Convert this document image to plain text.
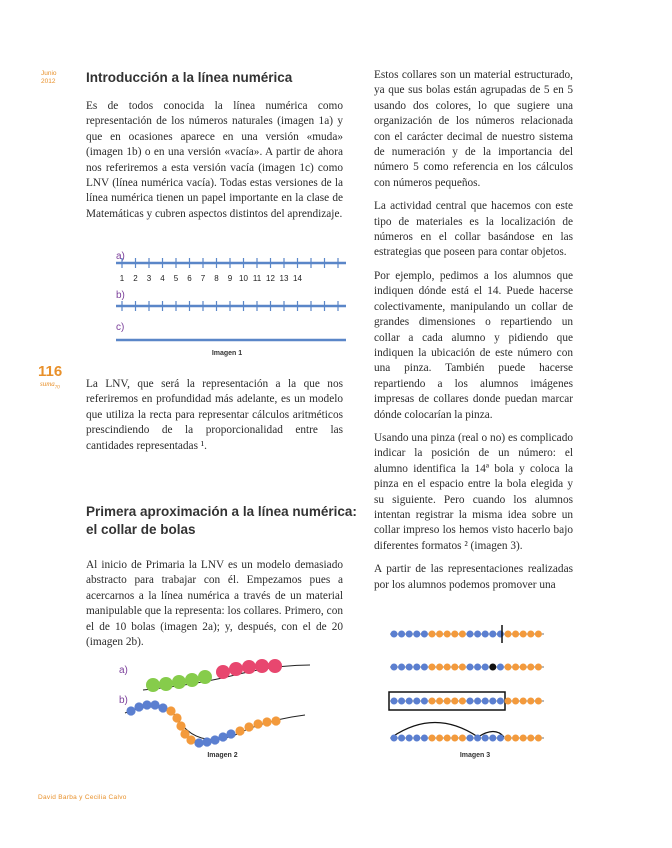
Junio
2012 Introducción a la línea numérica

Es de todos conocida la línea numérica como representación de los números naturales (imagen 1a) y que en ocasiones aparece en una versión «muda» (imagen 1b) o en una versión «vacía». A partir de ahora nos referiremos a esta versión vacía (imagen 1c) como LNV (línea numérica vacía). Todas estas versiones de la línea numérica tienen un papel importante en la clase de Matemáticas y cubren aspectos distintos del aprendizaje.

a)
1 2 3 4 5 6 7 8 9 10 11 12 13 14
b)
c)
Imagen 1
116
suma$_{70}$ La LNV, que será la representación a la que nos referiremos en profundidad más adelante, es un modelo que utiliza la recta para representar cálculos aritméticos prescindiendo de la proporcionalidad entre las cantidades representadas ¹.

Primera aproximación a la línea numérica:
el collar de bolas

Al inicio de Primaria la LNV es un modelo demasiado abstracto para trabajar con él. Empezamos pues a acercarnos a la línea numérica a través de un material manipulable que la representa: los collares. Primero, con el de 10 bolas (imagen 2a); y, después, con el de 20 (imagen 2b).

a)
b)
Imagen 2

Estos collares son un material estructurado, ya que sus bolas están agrupadas de 5 en 5 usando dos colores, lo que sugiere una organización de los números relacionada con el carácter decimal de nuestro sistema de numeración y de la importancia del número 5 como referencia en los cálculos con números pequeños.

La actividad central que hacemos con este tipo de materiales es la localización de números en el collar basándose en las estrategias que poseen para contar objetos.

Por ejemplo, pedimos a los alumnos que indiquen dónde está el 14. Puede hacerse colectivamente, manipulando un collar de grandes dimensiones o repartiendo un collar a cada alumno y pidiendo que indiquen la ubicación de este número con una pinza. También puede hacerse repartiendo a los alumnos imágenes impresas de collares donde puedan marcar dónde colocarían la pinza.

Usando una pinza (real o no) es complicado indicar la posición de un número: el alumno identifica la 14ª bola y coloca la pinza en el espacio entre la bola elegida y su siguiente. Pero cuando los alumnos intentan registrar la misma idea sobre un collar impreso los hemos visto hacerlo bajo diferentes formatos ² (imagen 3).

A partir de las representaciones realizadas por los alumnos podemos promover una

Imagen 3
David Barba y Cecilia Calvo
